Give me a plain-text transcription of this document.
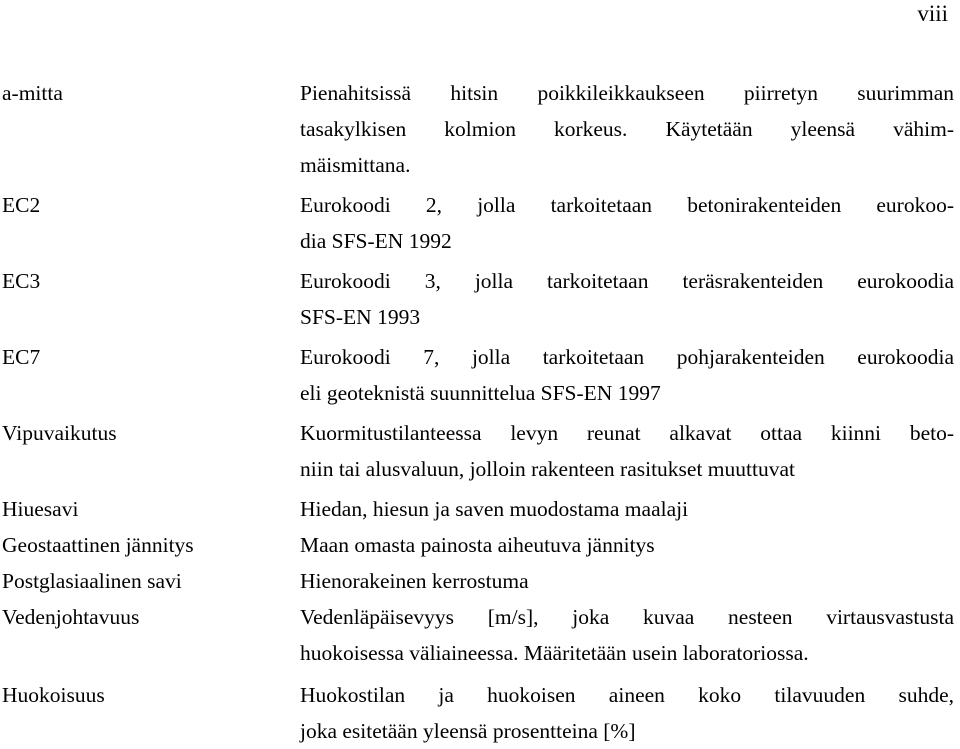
viii
a-mitta	Pienahitsissä hitsin poikkileikkaukseen piirretyn suurimman
tasakylkisen kolmion korkeus. Käytetään yleensä vähim-
mäismittana.
EC2	Eurokoodi 2, jolla tarkoitetaan betonirakenteiden eurokoo-
dia SFS-EN 1992
EC3	Eurokoodi 3, jolla tarkoitetaan teräsrakenteiden eurokoodia
SFS-EN 1993
EC7	Eurokoodi 7, jolla tarkoitetaan pohjarakenteiden eurokoodia
eli geoteknistä suunnittelua SFS-EN 1997
Vipuvaikutus	Kuormitustilanteessa levyn reunat alkavat ottaa kiinni beto-
niin tai alusvaluun, jolloin rakenteen rasitukset muuttuvat
Hiuesavi	Hiedan, hiesun ja saven muodostama maalaji
Geostaattinen jännitys	Maan omasta painosta aiheutuva jännitys
Postglasiaalinen savi	Hienorakeinen kerrostuma
Vedenjohtavuus	Vedenläpäisevyys [m/s], joka kuvaa nesteen virtausvastusta
huokoisessa väliaineessa. Määritetään usein laboratoriossa.
Huokoisuus	Huokostilan ja huokoisen aineen koko tilavuuden suhde,
joka esitetään yleensä prosentteina [%]
